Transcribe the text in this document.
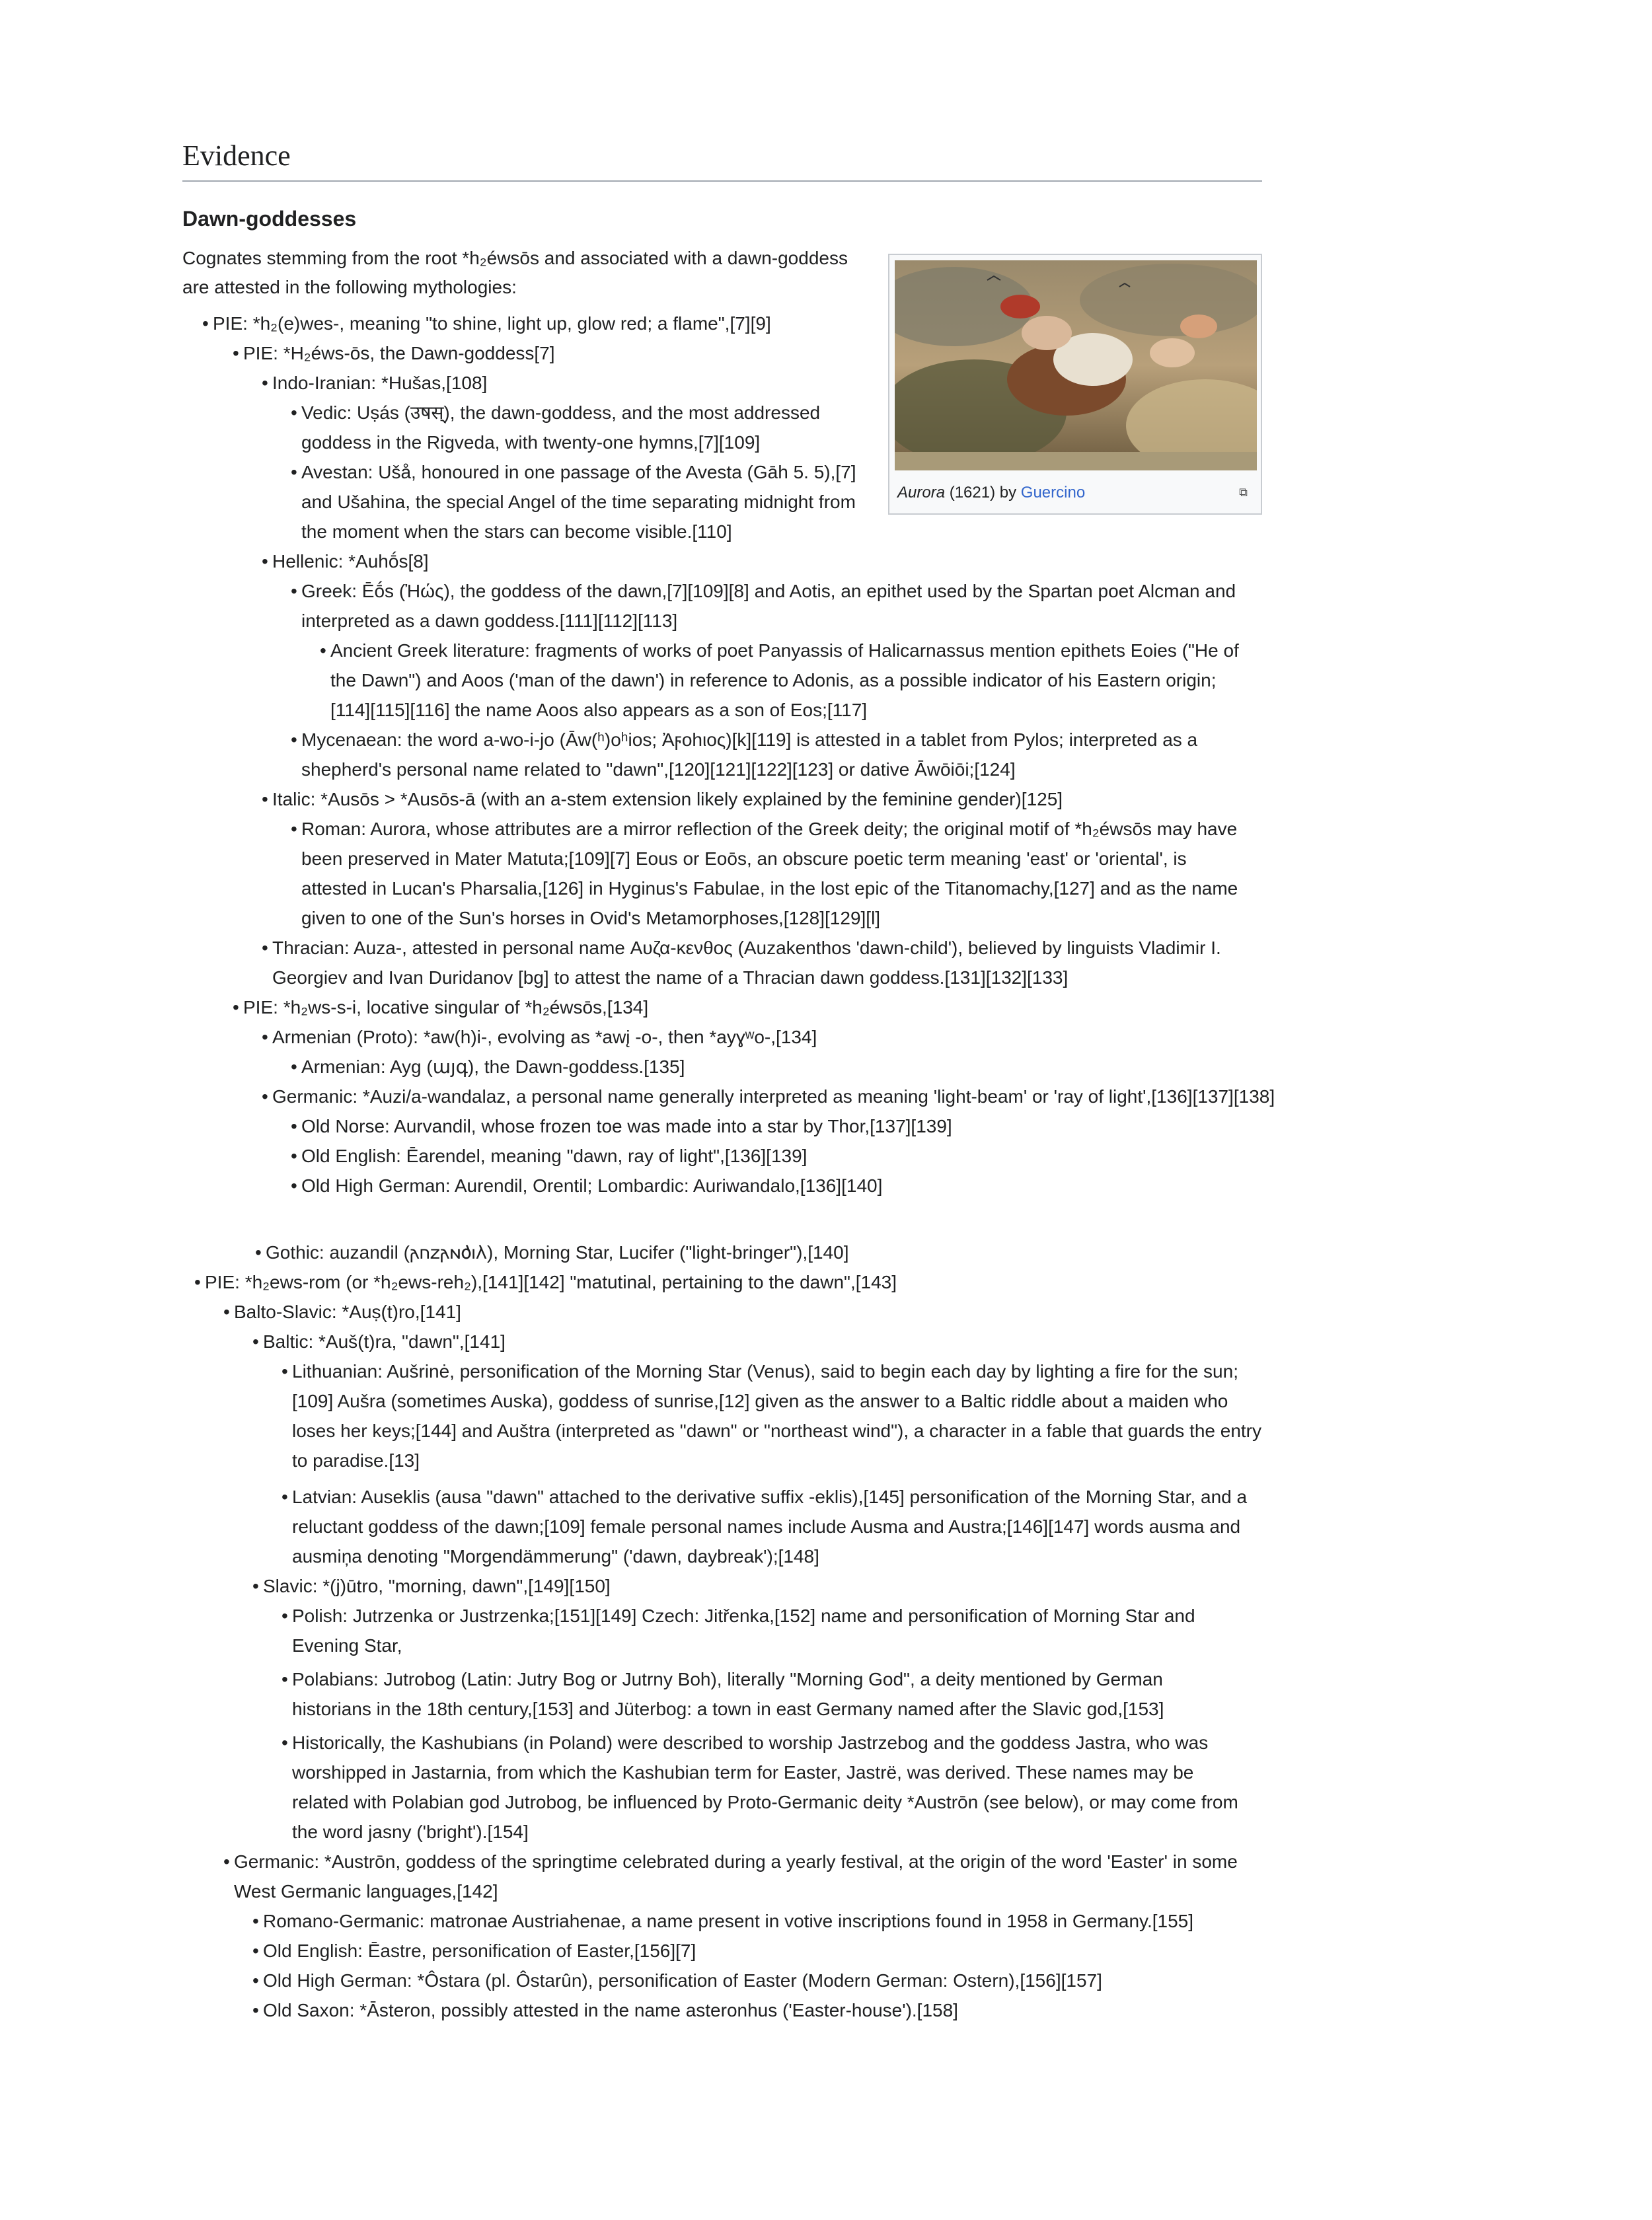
Evidence
Dawn-goddesses
Aurora (1621) by Guercino	⧉

Cognates stemming from the root *h₂éwsōs and associated with a dawn-goddess are attested in the following mythologies:

• PIE: *h₂(e)wes-, meaning "to shine, light up, glow red; a flame",[7][9]
• PIE: *H₂éws-ōs, the Dawn-goddess[7]
• Indo-Iranian: *Hušas,[108]
• Vedic: Uṣás (उषस्), the dawn-goddess, and the most addressed goddess in the Rigveda, with twenty-one hymns,[7][109]
• Avestan: Ušå, honoured in one passage of the Avesta (Gāh 5. 5),[7] and Ušahina, the special Angel of the time separating midnight from the moment when the stars can become visible.[110]
• Hellenic: *Auhṓs[8]
• Greek: Ēṓs (Ἠώς), the goddess of the dawn,[7][109][8] and Aotis, an epithet used by the Spartan poet Alcman and interpreted as a dawn goddess.[111][112][113]
• Ancient Greek literature: fragments of works of poet Panyassis of Halicarnassus mention epithets Eoies ("He of the Dawn") and Aoos ('man of the dawn') in reference to Adonis, as a possible indicator of his Eastern origin;[114][115][116] the name Aoos also appears as a son of Eos;[117]
• Mycenaean: the word a-wo-i-jo (Āw(ʰ)oʰios; Ἀϝohιος)[k][119] is attested in a tablet from Pylos; interpreted as a shepherd's personal name related to "dawn",[120][121][122][123] or dative Āwōiōi;[124]
• Italic: *Ausōs > *Ausōs-ā (with an a-stem extension likely explained by the feminine gender)[125]
• Roman: Aurora, whose attributes are a mirror reflection of the Greek deity; the original motif of *h₂éwsōs may have been preserved in Mater Matuta;[109][7] Eous or Eoōs, an obscure poetic term meaning 'east' or 'oriental', is attested in Lucan's Pharsalia,[126] in Hyginus's Fabulae, in the lost epic of the Titanomachy,[127] and as the name given to one of the Sun's horses in Ovid's Metamorphoses,[128][129][l]
• Thracian: Auza-, attested in personal name Αυζα-κενθος (Auzakenthos 'dawn-child'), believed by linguists Vladimir I. Georgiev and Ivan Duridanov [bg] to attest the name of a Thracian dawn goddess.[131][132][133]
• PIE: *h₂ws-s-i, locative singular of *h₂éwsōs,[134]
• Armenian (Proto): *aw(h)i-, evolving as *awį -o-, then *ayɣʷo-,[134]
• Armenian: Ayg (այգ), the Dawn-goddess.[135]
• Germanic: *Auzi/a-wandalaz, a personal name generally interpreted as meaning 'light-beam' or 'ray of light',[136][137][138]
• Old Norse: Aurvandil, whose frozen toe was made into a star by Thor,[137][139]
• Old English: Ēarendel, meaning "dawn, ray of light",[136][139]
• Old High German: Aurendil, Orentil; Lombardic: Auriwandalo,[136][140]
• Gothic: auzandil (𐌰𐌿𐌶𐌰𐌽𐌳𐌹𐌻), Morning Star, Lucifer ("light-bringer"),[140]
• PIE: *h₂ews-rom (or *h₂ews-reh₂),[141][142] "matutinal, pertaining to the dawn",[143]
• Balto-Slavic: *Auṣ(t)ro,[141]
• Baltic: *Auš(t)ra, "dawn",[141]
• Lithuanian: Aušrinė, personification of the Morning Star (Venus), said to begin each day by lighting a fire for the sun;[109] Aušra (sometimes Auska), goddess of sunrise,[12] given as the answer to a Baltic riddle about a maiden who loses her keys;[144] and Auštra (interpreted as "dawn" or "northeast wind"), a character in a fable that guards the entry to paradise.[13]
• Latvian: Auseklis (ausa "dawn" attached to the derivative suffix -eklis),[145] personification of the Morning Star, and a reluctant goddess of the dawn;[109] female personal names include Ausma and Austra;[146][147] words ausma and ausmiņa denoting "Morgendämmerung" ('dawn, daybreak');[148]
• Slavic: *(j)ūtro, "morning, dawn",[149][150]
• Polish: Jutrzenka or Justrzenka;[151][149] Czech: Jitřenka,[152] name and personification of Morning Star and Evening Star,
• Polabians: Jutrobog (Latin: Jutry Bog or Jutrny Boh), literally "Morning God", a deity mentioned by German historians in the 18th century,[153] and Jüterbog: a town in east Germany named after the Slavic god,[153]
• Historically, the Kashubians (in Poland) were described to worship Jastrzebog and the goddess Jastra, who was worshipped in Jastarnia, from which the Kashubian term for Easter, Jastrë, was derived. These names may be related with Polabian god Jutrobog, be influenced by Proto-Germanic deity *Austrōn (see below), or may come from the word jasny ('bright').[154]
• Germanic: *Austrōn, goddess of the springtime celebrated during a yearly festival, at the origin of the word 'Easter' in some West Germanic languages,[142]
• Romano-Germanic: matronae Austriahenae, a name present in votive inscriptions found in 1958 in Germany.[155]
• Old English: Ēastre, personification of Easter,[156][7]
• Old High German: *Ôstara (pl. Ôstarûn), personification of Easter (Modern German: Ostern),[156][157]
• Old Saxon: *Āsteron, possibly attested in the name asteronhus ('Easter-house').[158]
